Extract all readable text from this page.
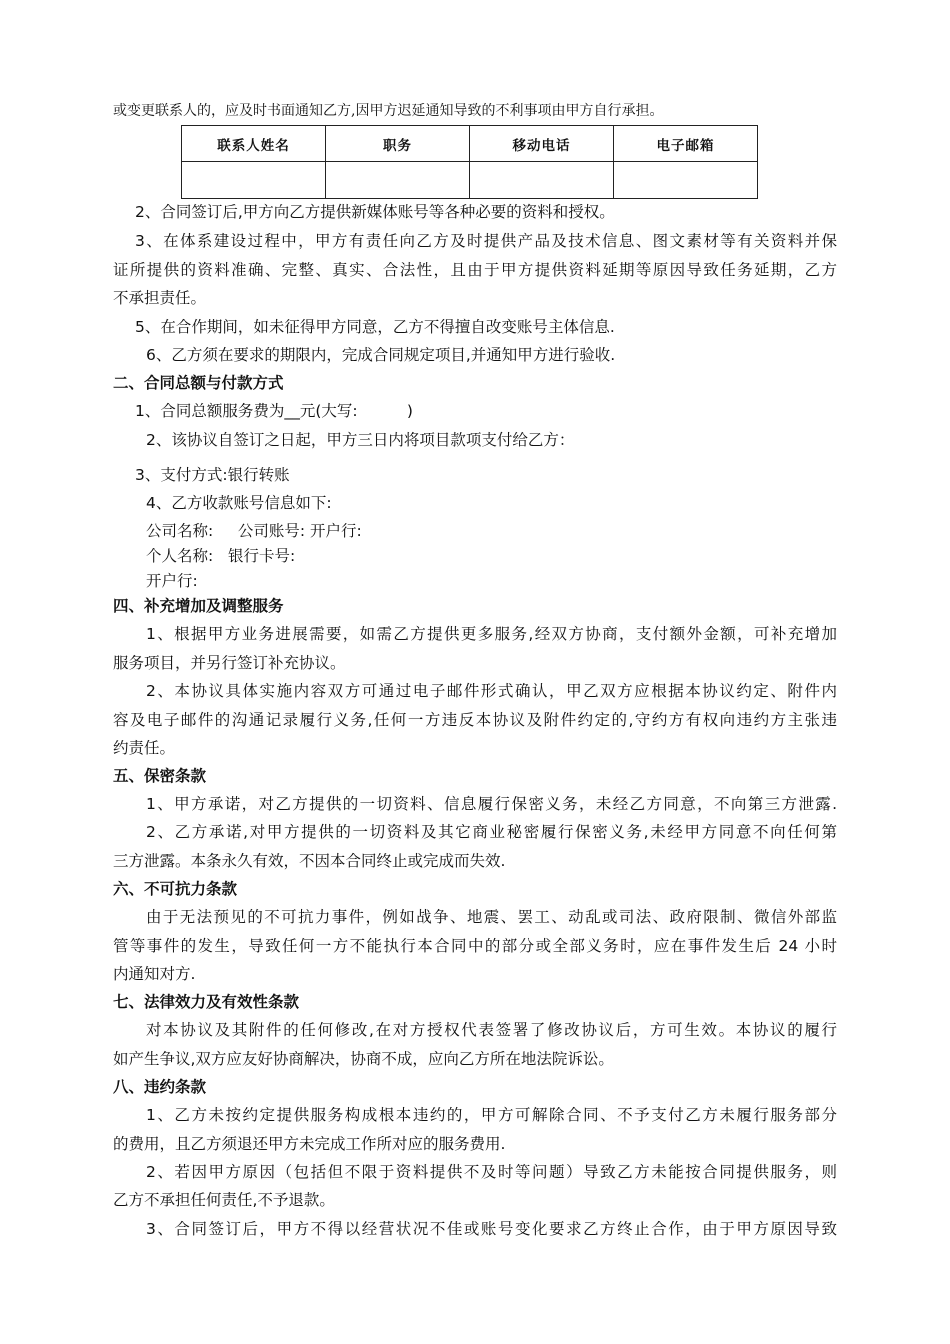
或变更联系人的，应及时书面通知乙方,因甲方迟延通知导致的不利事项由甲方自行承担。
联系人姓名	职务	移动电话	电子邮箱

2、合同签订后,甲方向乙方提供新媒体账号等各种必要的资料和授权。
3、在体系建设过程中，甲方有责任向乙方及时提供产品及技术信息、图文素材等有关资料并保
证所提供的资料准确、完整、真实、合法性，且由于甲方提供资料延期等原因导致任务延期，乙方
不承担责任。
5、在合作期间，如未征得甲方同意，乙方不得擅自改变账号主体信息.
6、乙方须在要求的期限内，完成合同规定项目,并通知甲方进行验收.
二、合同总额与付款方式
1、合同总额服务费为__元(大写:          )
2、该协议自签订之日起，甲方三日内将项目款项支付给乙方：
3、支付方式:银行转账
4、乙方收款账号信息如下:
公司名称:     公司账号: 开户行:
个人名称:   银行卡号:
开户行:
四、补充增加及调整服务
1、根据甲方业务进展需要，如需乙方提供更多服务,经双方协商，支付额外金额，可补充增加
服务项目，并另行签订补充协议。
2、本协议具体实施内容双方可通过电子邮件形式确认，甲乙双方应根据本协议约定、附件内
容及电子邮件的沟通记录履行义务,任何一方违反本协议及附件约定的,守约方有权向违约方主张违
约责任。
五、保密条款
1、甲方承诺，对乙方提供的一切资料、信息履行保密义务，未经乙方同意，不向第三方泄露.
2、乙方承诺,对甲方提供的一切资料及其它商业秘密履行保密义务,未经甲方同意不向任何第
三方泄露。本条永久有效，不因本合同终止或完成而失效.
六、不可抗力条款
由于无法预见的不可抗力事件，例如战争、地震、罢工、动乱或司法、政府限制、微信外部监
管等事件的发生，导致任何一方不能执行本合同中的部分或全部义务时，应在事件发生后 24 小时
内通知对方.
七、法律效力及有效性条款
对本协议及其附件的任何修改,在对方授权代表签署了修改协议后，方可生效。本协议的履行
如产生争议,双方应友好协商解决，协商不成，应向乙方所在地法院诉讼。
八、违约条款
1、乙方未按约定提供服务构成根本违约的，甲方可解除合同、不予支付乙方未履行服务部分
的费用，且乙方须退还甲方未完成工作所对应的服务费用.
2、若因甲方原因（包括但不限于资料提供不及时等问题）导致乙方未能按合同提供服务，则
乙方不承担任何责任,不予退款。
3、合同签订后，甲方不得以经营状况不佳或账号变化要求乙方终止合作，由于甲方原因导致
